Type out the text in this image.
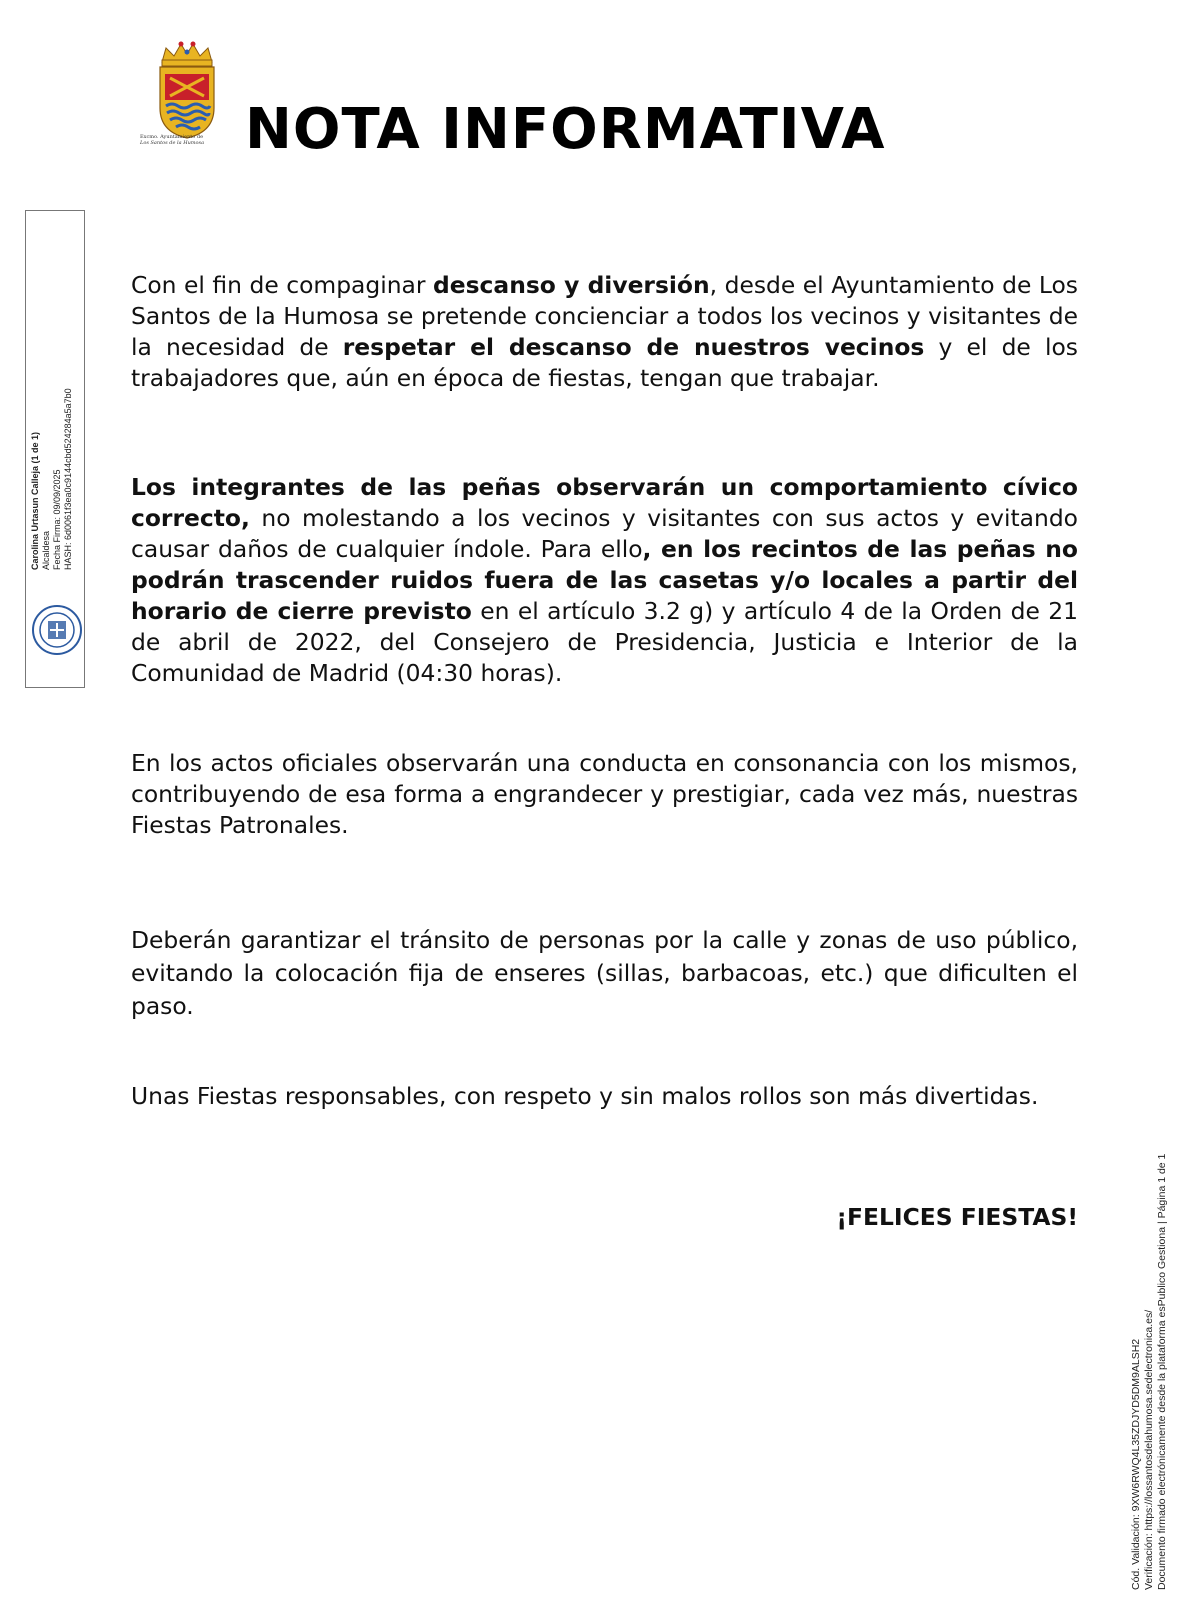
Excmo. Ayuntamiento de
Los Santos de la Humosa NOTA INFORMATIVA
Carolina Urtasun Calleja (1 de 1) Alcaldesa Fecha Firma: 09/09/2025 HASH: 6d0061f3ea0c9144cbd524284a5a7b0

Con el fin de compaginar descanso y diversión, desde el Ayuntamiento de Los Santos de la Humosa se pretende concienciar a todos los vecinos y visitantes de la necesidad de respetar el descanso de nuestros vecinos y el de los trabajadores que, aún en época de fiestas, tengan que trabajar.

Los integrantes de las peñas observarán un comportamiento cívico correcto, no molestando a los vecinos y visitantes con sus actos y evitando causar daños de cualquier índole. Para ello, en los recintos de las peñas no podrán trascender ruidos fuera de las casetas y/o locales a partir del horario de cierre previsto en el artículo 3.2 g) y artículo 4 de la Orden de 21 de abril de 2022, del Consejero de Presidencia, Justicia e Interior de la Comunidad de Madrid (04:30 horas).

En los actos oficiales observarán una conducta en consonancia con los mismos, contribuyendo de esa forma a engrandecer y prestigiar, cada vez más, nuestras Fiestas Patronales.

Deberán garantizar el tránsito de personas por la calle y zonas de uso público, evitando la colocación fija de enseres (sillas, barbacoas, etc.) que dificulten el paso.

Unas Fiestas responsables, con respeto y sin malos rollos son más divertidas.

¡FELICES FIESTAS!
Cód. Validación: 9XW6RWQ4L35ZDJYD5DM9ALSH2 Verificación: https://lossantosdelahumosa.sedelectronica.es/ Documento firmado electrónicamente desde la plataforma esPublico Gestiona | Página 1 de 1
